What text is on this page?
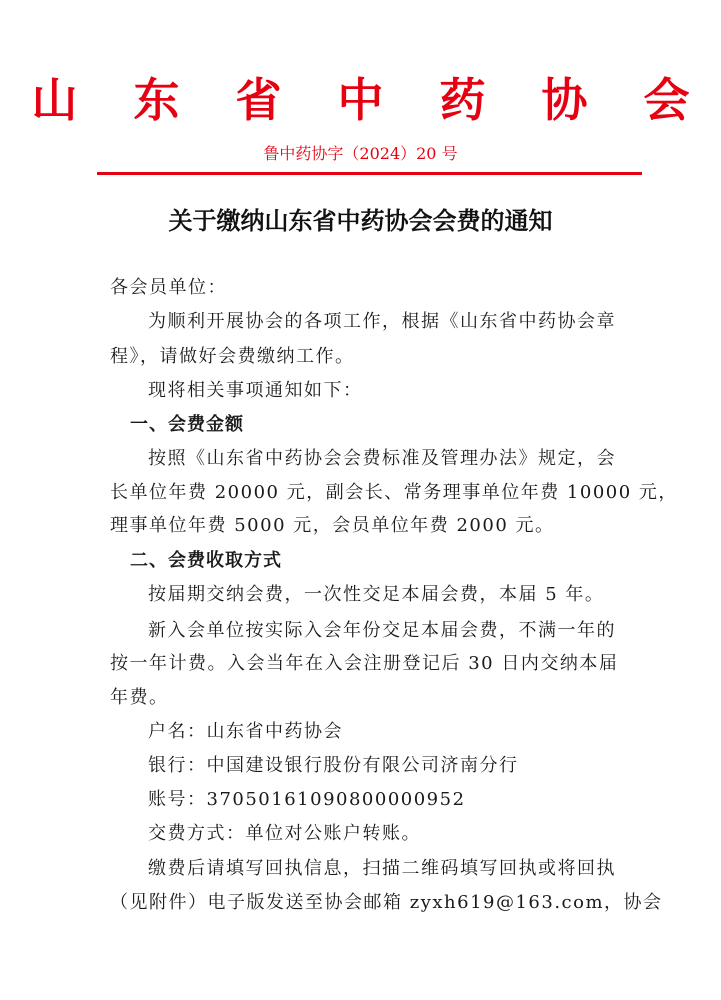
山 东 省 中 药 协 会
鲁中药协字（2024）20 号
关于缴纳山东省中药协会会费的通知
各会员单位：
为顺利开展协会的各项工作，根据《山东省中药协会章
程》，请做好会费缴纳工作。
现将相关事项通知如下：
一、会费金额
按照《山东省中药协会会费标准及管理办法》规定，会
长单位年费 20000 元，副会长、常务理事单位年费 10000 元，
理事单位年费 5000 元，会员单位年费 2000 元。
二、会费收取方式
按届期交纳会费，一次性交足本届会费，本届 5 年。
新入会单位按实际入会年份交足本届会费，不满一年的
按一年计费。入会当年在入会注册登记后 30 日内交纳本届
年费。
户名：山东省中药协会
银行：中国建设银行股份有限公司济南分行
账号：37050161090800000952
交费方式：单位对公账户转账。
缴费后请填写回执信息，扫描二维码填写回执或将回执
（见附件）电子版发送至协会邮箱 zyxh619@163.com，协会
